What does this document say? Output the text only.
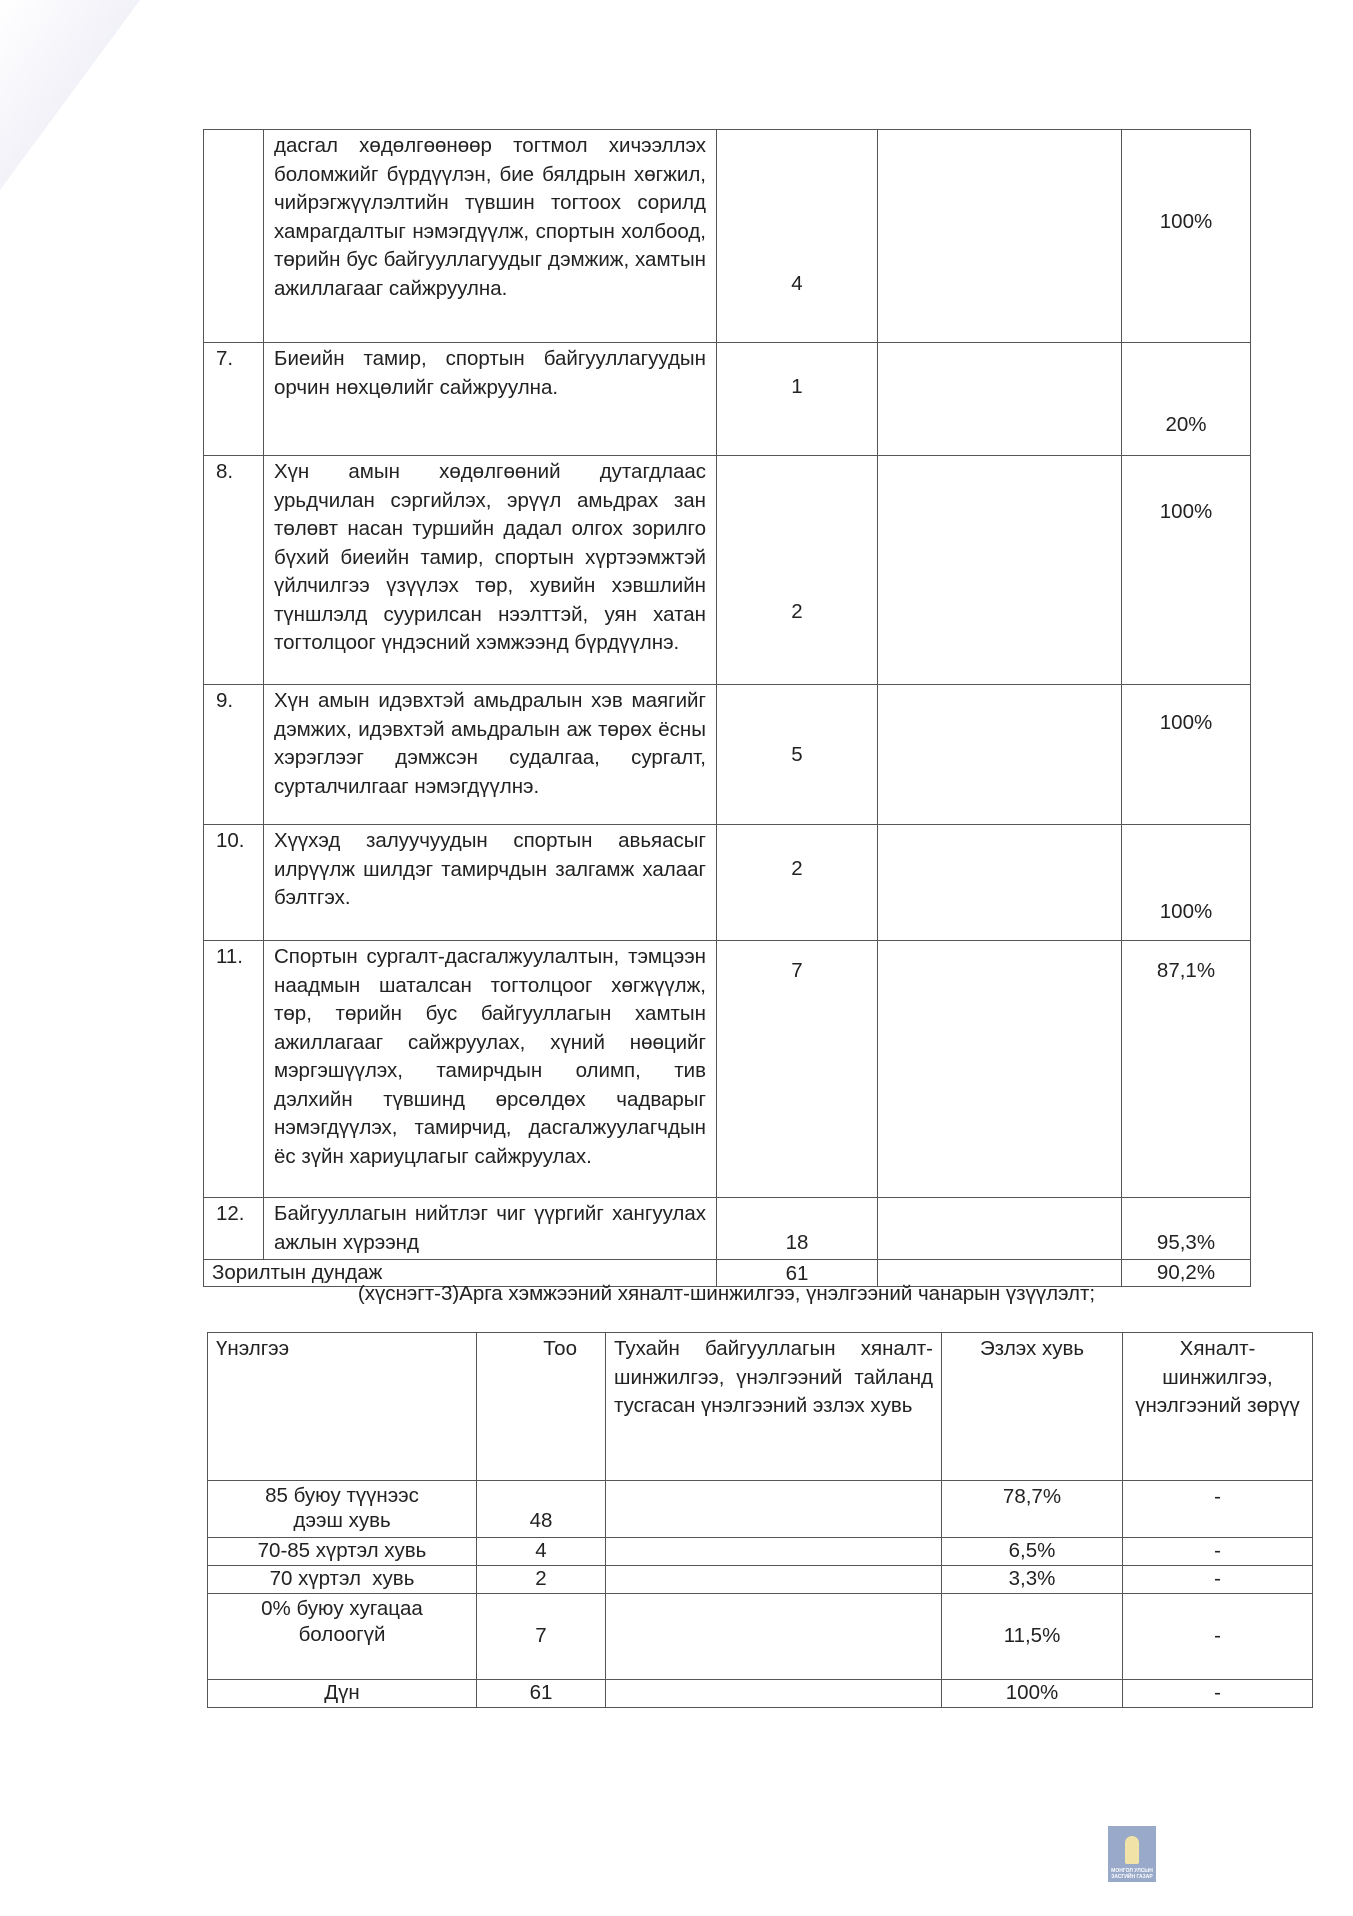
	дасгал хөдөлгөөнөөр тогтмол хичээллэх боломжийг бүрдүүлэн, бие бялдрын хөгжил, чийрэгжүүлэлтийн түвшин тогтоох сорилд хамрагдалтыг нэмэгдүүлж, спортын холбоод, төрийн бус байгууллагуудыг дэмжиж, хамтын ажиллагааг сайжруулна.	4		100%
7.	Биеийн тамир, спортын байгууллагуудын орчин нөхцөлийг сайжруулна.	1		20%
8.	Хүн амын хөдөлгөөний дутагдлаас урьдчилан сэргийлэх, эрүүл амьдрах зан төлөвт насан туршийн дадал олгох зорилго бүхий биеийн тамир, спортын хүртээмжтэй үйлчилгээ үзүүлэх төр, хувийн хэвшлийн түншлэлд суурилсан нээлттэй, уян хатан тогтолцоог үндэсний хэмжээнд бүрдүүлнэ.	2		100%
9.	Хүн амын идэвхтэй амьдралын хэв маягийг дэмжих, идэвхтэй амьдралын аж төрөх ёсны хэрэглээг дэмжсэн судалгаа, сургалт, сурталчилгааг нэмэгдүүлнэ.	5		100%
10.	Хүүхэд залуучуудын спортын авьяасыг илрүүлж шилдэг тамирчдын залгамж халааг бэлтгэх.	2		100%
11.	Спортын сургалт-дасгалжуулалтын, тэмцээн наадмын шаталсан тогтолцоог хөгжүүлж, төр, төрийн бус байгууллагын хамтын ажиллагааг сайжруулах, хүний нөөцийг мэргэшүүлэх, тамирчдын олимп, тив дэлхийн түвшинд өрсөлдөх чадварыг нэмэгдүүлэх, тамирчид, дасгалжуулагчдын ёс зүйн хариуцлагыг сайжруулах.	7		87,1%
12.	Байгууллагын нийтлэг чиг үүргийг хангуулах ажлын хүрээнд	18		95,3%
Зорилтын дундаж		61		90,2%
(хүснэгт-3)Арга хэмжээний хяналт-шинжилгээ, үнэлгээний чанарын үзүүлэлт;
Үнэлгээ	Тоо	Тухайн байгууллагын хяналт-шинжилгээ, үнэлгээний тайланд тусгасан үнэлгээний эзлэх хувь	Эзлэх хувь	Хяналт-шинжилгээ, үнэлгээний зөрүү
85 буюу түүнээс дээш хувь	48		78,7%	-
70-85 хүртэл хувь	4		6,5%	-
70 хүртэл  хувь	2		3,3%	-
0% буюу хугацаа болоогүй	7		11,5%	-
Дүн	61		100%	-
МОНГОЛ УЛСЫН
ЗАСГИЙН ГАЗАР
